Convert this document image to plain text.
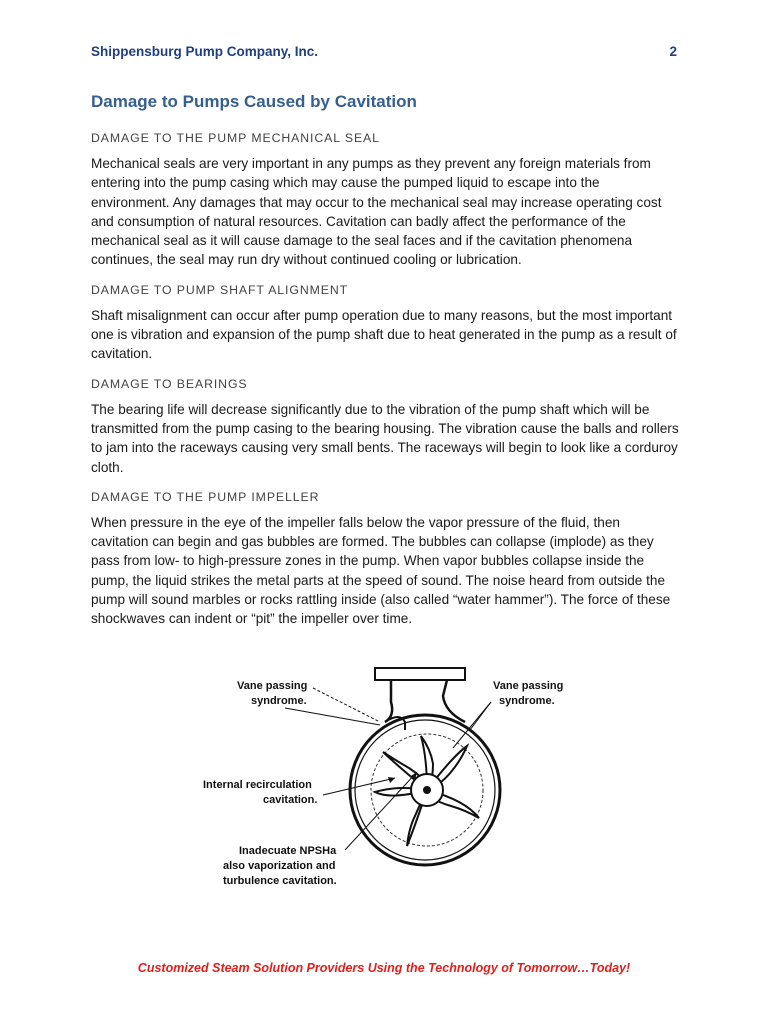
Shippensburg Pump Company, Inc.	2
Damage to Pumps Caused by Cavitation
DAMAGE TO THE PUMP MECHANICAL SEAL

Mechanical seals are very important in any pumps as they prevent any foreign materials from entering into the pump casing which may cause the pumped liquid to escape into the environment. Any damages that may occur to the mechanical seal may increase operating cost and consumption of natural resources. Cavitation can badly affect the performance of the mechanical seal as it will cause damage to the seal faces and if the cavitation phenomena continues, the seal may run dry without continued cooling or lubrication.

DAMAGE TO PUMP SHAFT ALIGNMENT

Shaft misalignment can occur after pump operation due to many reasons, but the most important one is vibration and expansion of the pump shaft due to heat generated in the pump as a result of cavitation.

DAMAGE TO BEARINGS

The bearing life will decrease significantly due to the vibration of the pump shaft which will be transmitted from the pump casing to the bearing housing. The vibration cause the balls and rollers to jam into the raceways causing very small bents. The raceways will begin to look like a corduroy cloth.

DAMAGE TO THE PUMP IMPELLER

When pressure in the eye of the impeller falls below the vapor pressure of the fluid, then cavitation can begin and gas bubbles are formed. The bubbles can collapse (implode) as they pass from low- to high-pressure zones in the pump. When vapor bubbles collapse inside the pump, the liquid strikes the metal parts at the speed of sound. The noise heard from outside the pump will sound marbles or rocks rattling inside (also called “water hammer”). The force of these shockwaves can indent or “pit” the impeller over time.

Vane passing
syndrome.
Vane passing
syndrome.
Internal recirculation
cavitation.
Inadecuate NPSHa
also vaporization and
turbulence cavitation.
Customized Steam Solution Providers Using the Technology of Tomorrow…Today!
